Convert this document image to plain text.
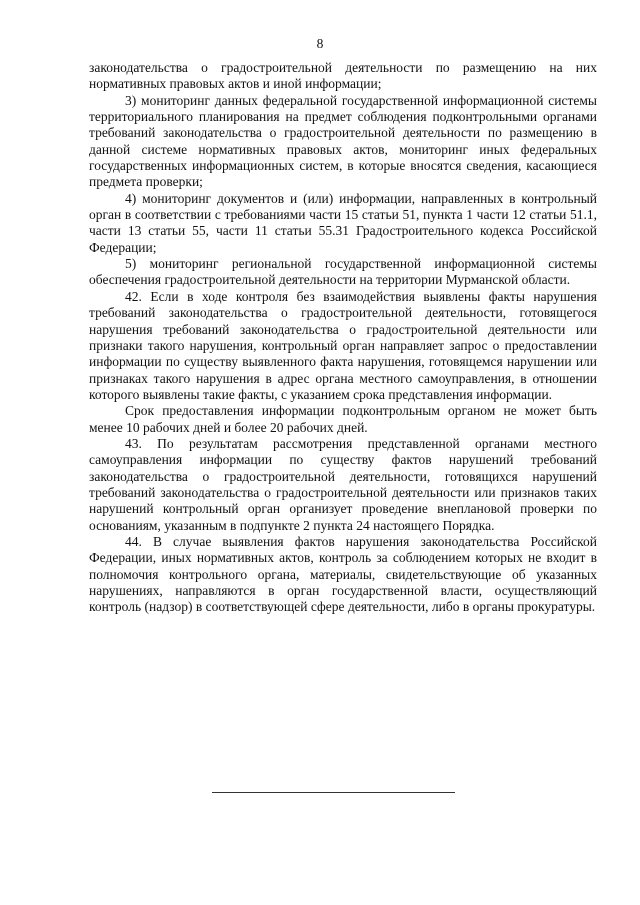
8

законодательства о градостроительной деятельности по размещению на них нормативных правовых актов и иной информации;

3) мониторинг данных федеральной государственной информационной системы территориального планирования на предмет соблюдения подконтрольными органами требований законодательства о градостроительной деятельности по размещению в данной системе нормативных правовых актов, мониторинг иных федеральных государственных информационных систем, в которые вносятся сведения, касающиеся предмета проверки;

4) мониторинг документов и (или) информации, направленных в контрольный орган в соответствии с требованиями части 15 статьи 51, пункта 1 части 12 статьи 51.1, части 13 статьи 55, части 11 статьи 55.31 Градостроительного кодекса Российской Федерации;

5) мониторинг региональной государственной информационной системы обеспечения градостроительной деятельности на территории Мурманской области.

42. Если в ходе контроля без взаимодействия выявлены факты нарушения требований законодательства о градостроительной деятельности, готовящегося нарушения требований законодательства о градостроительной деятельности или признаки такого нарушения, контрольный орган направляет запрос о предоставлении информации по существу выявленного факта нарушения, готовящемся нарушении или признаках такого нарушения в адрес органа местного самоуправления, в отношении которого выявлены такие факты, с указанием срока представления информации.

Срок предоставления информации подконтрольным органом не может быть менее 10 рабочих дней и более 20 рабочих дней.

43. По результатам рассмотрения представленной органами местного самоуправления информации по существу фактов нарушений требований законодательства о градостроительной деятельности, готовящихся нарушений требований законодательства о градостроительной деятельности или признаков таких нарушений контрольный орган организует проведение внеплановой проверки по основаниям, указанным в подпункте 2 пункта 24 настоящего Порядка.

44. В случае выявления фактов нарушения законодательства Российской Федерации, иных нормативных актов, контроль за соблюдением которых не входит в полномочия контрольного органа, материалы, свидетельствующие об указанных нарушениях, направляются в орган государственной власти, осуществляющий контроль (надзор) в соответствующей сфере деятельности, либо в органы прокуратуры.
